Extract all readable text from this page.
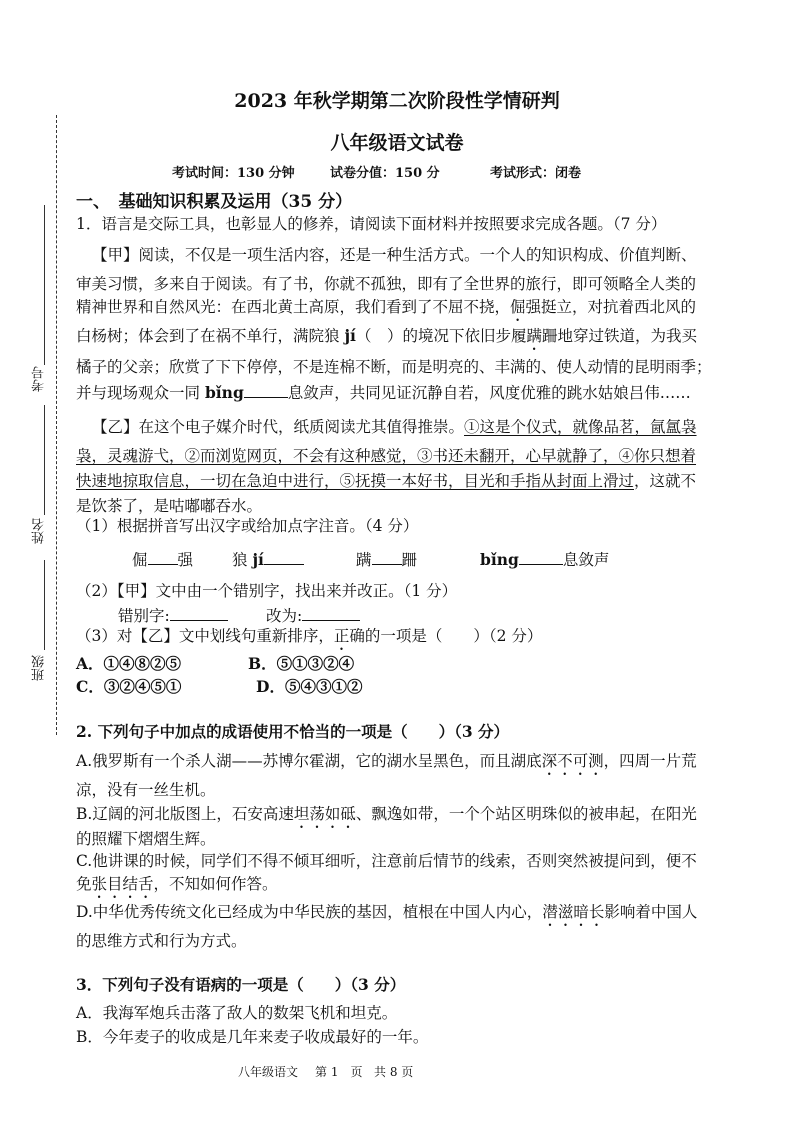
考号
姓名
班级
2023 年秋学期第二次阶段性学情研判
八年级语文试卷
考试时间：130 分钟	试卷分值：150 分	考试形式：闭卷
一、　基础知识积累及运用（35 分）
1．语言是交际工具，也彰显人的修养，请阅读下面材料并按照要求完成各题。（7 分）
【甲】阅读，不仅是一项生活内容，还是一种生活方式。一个人的知识构成、价值判断、
审美习惯，多来自于阅读。有了书，你就不孤独，即有了全世界的旅行，即可领略全人类的
精神世界和自然风光：在西北黄土高原，我们看到了不屈不挠，倔强挺立，对抗着西北风的
白杨树；体会到了在祸不单行，满院狼 jí（　）的境况下依旧步履蹒跚地穿过铁道，为我买
橘子的父亲；欣赏了下下停停，不是连棉不断，而是明亮的、丰满的、使人动情的昆明雨季；
并与现场观众一同 bǐng	息敛声，共同见证沉静自若，风度优雅的跳水姑娘吕伟……
【乙】在这个电子媒介时代，纸质阅读尤其值得推崇。①这是个仪式，就像品茗，氤氲袅
袅，灵魂游弋，②而浏览网页，不会有这种感觉，③书还未翻开，心早就静了，④你只想着
快速地掠取信息，一切在急迫中进行，⑤抚摸一本好书，目光和手指从封面上滑过，这就不
是饮茶了，是咕嘟嘟吞水。
（1）根据拼音写出汉字或给加点字注音。（4 分）
倔 强	狼 jí	蹒 跚	bǐng	息敛声
（2）【甲】文中由一个错别字，找出来并改正。（1 分）
错别字:	改为:
（3）对【乙】文中划线句重新排序，正确的一项是（　　）（2 分）
A．①④⑧②⑤	B．⑤①③②④
C．③②④⑤①	D．⑤④③①②
2. 下列句子中加点的成语使用不恰当的一项是（　　）（3 分）
A.俄罗斯有一个杀人湖——苏博尔霍湖，它的湖水呈黑色，而且湖底深不可测，四周一片荒
凉，没有一丝生机。
B.辽阔的河北版图上，石安高速坦荡如砥、飘逸如带，一个个站区明珠似的被串起，在阳光
的照耀下熠熠生辉。
C.他讲课的时候，同学们不得不倾耳细听，注意前后情节的线索，否则突然被提问到，便不
免张目结舌，不知如何作答。
D.中华优秀传统文化已经成为中华民族的基因，植根在中国人内心，潜滋暗长影响着中国人
的思维方式和行为方式。
3．下列句子没有语病的一项是（　　）（3 分）
A．我海军炮兵击落了敌人的数架飞机和坦克。
B．今年麦子的收成是几年来麦子收成最好的一年。
八年级语文 第 1　页 共 8 页
